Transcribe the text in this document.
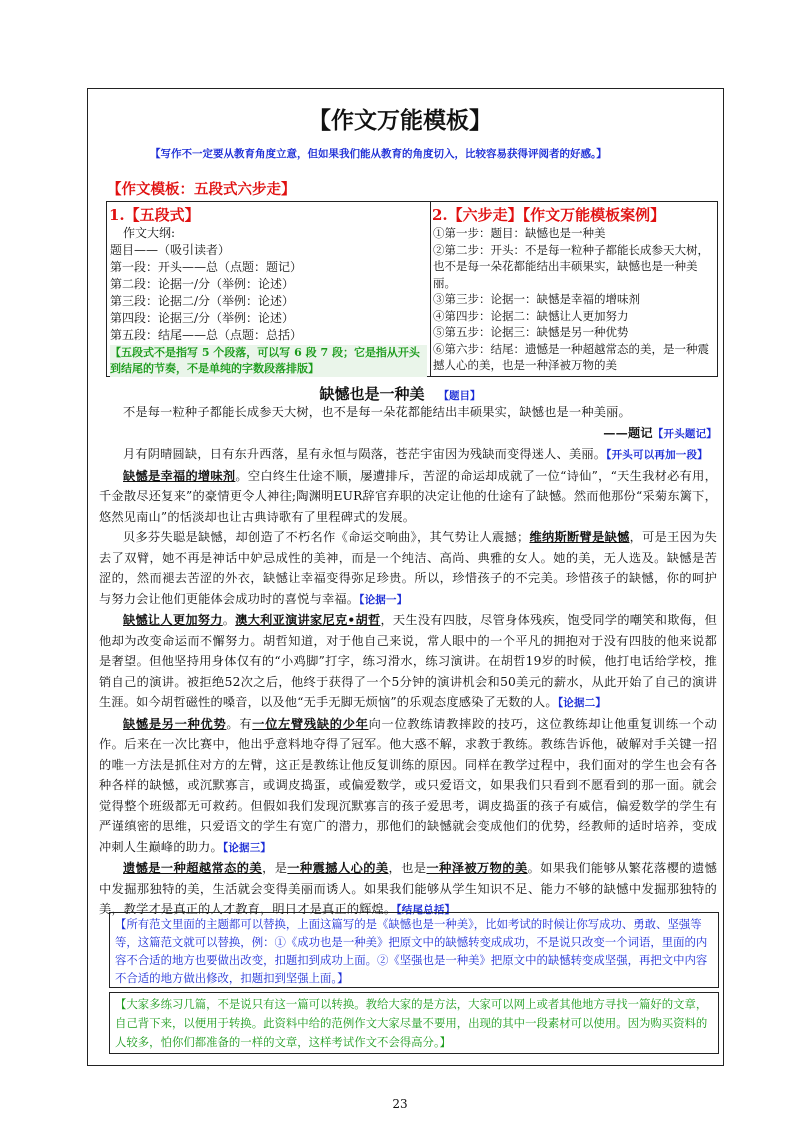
【作文万能模板】
【写作不一定要从教育角度立意，但如果我们能从教育的角度切入，比较容易获得评阅者的好感。】
【作文模板：五段式六步走】
1.【五段式】
作文大纲:
题目——（吸引读者）
第一段：开头——总（点题：题记）
第二段：论据一/分（举例：论述）
第三段：论据二/分（举例：论述）
第四段：论据三/分（举例：论述）
第五段：结尾——总（点题：总括）
【五段式不是指写 5 个段落，可以写 6 段 7 段；它是指从开头到结尾的节奏，不是单纯的字数段落排版】
2.【六步走】【作文万能模板案例】
①第一步：题目：缺憾也是一种美
②第二步：开头：不是每一粒种子都能长成参天大树，也不是每一朵花都能结出丰硕果实，缺憾也是一种美丽。
③第三步：论据一：缺憾是幸福的增味剂
④第四步：论据二：缺憾让人更加努力
⑤第五步：论据三：缺憾是另一种优势
⑥第六步：结尾：遗憾是一种超越常态的美，是一种震撼人心的美，也是一种泽被万物的美
缺憾也是一种美 【题目】

不是每一粒种子都能长成参天大树，也不是每一朵花都能结出丰硕果实，缺憾也是一种美丽。

——题记【开头题记】

月有阴晴圆缺，日有东升西落，星有永恒与陨落，苍茫宇宙因为残缺而变得迷人、美丽。【开头可以再加一段】

缺憾是幸福的增味剂。空白终生仕途不顺，屡遭排斥，苦涩的命运却成就了一位“诗仙”，“天生我材必有用，千金散尽还复来”的豪情更令人神往;陶渊明EUR辞官弃职的决定让他的仕途有了缺憾。然而他那份“采菊东篱下，悠然见南山”的恬淡却也让古典诗歌有了里程碑式的发展。

贝多芬失聪是缺憾，却创造了不朽名作《命运交响曲》，其气势让人震撼；维纳斯断臂是缺憾，可是王因为失去了双臂，她不再是神话中妒忌成性的美神，而是一个纯洁、高尚、典雅的女人。她的美，无人选及。缺憾是苦涩的，然而褪去苦涩的外衣，缺憾让幸福变得弥足珍贵。所以，珍惜孩子的不完美。珍惜孩子的缺憾，你的呵护与努力会让他们更能体会成功时的喜悦与幸福。【论据一】

缺憾让人更加努力。澳大利亚演讲家尼克•胡哲，天生没有四肢，尽管身体残疾，饱受同学的嘲笑和欺侮，但他却为改变命运而不懈努力。胡哲知道，对于他自己来说，常人眼中的一个平凡的拥抱对于没有四肢的他来说都是奢望。但他坚持用身体仅有的“小鸡脚”打字，练习滑水，练习演讲。在胡哲19岁的时候，他打电话给学校，推销自己的演讲。被拒绝52次之后，他终于获得了一个5分钟的演讲机会和50美元的薪水，从此开始了自己的演讲生涯。如今胡哲磁性的嗓音，以及他“无手无脚无烦恼”的乐观态度感染了无数的人。【论据二】

缺憾是另一种优势。有一位左臂残缺的少年向一位教练请教摔跤的技巧，这位教练却让他重复训练一个动作。后来在一次比赛中，他出乎意料地夺得了冠军。他大惑不解，求教于教练。教练告诉他，破解对手关键一招的唯一方法是抓住对方的左臂，这正是教练让他反复训练的原因。同样在教学过程中，我们面对的学生也会有各种各样的缺憾，或沉默寡言，或调皮捣蛋，或偏爱数学，或只爱语文，如果我们只看到不愿看到的那一面。就会觉得整个班级都无可救药。但假如我们发现沉默寡言的孩子爱思考，调皮捣蛋的孩子有威信，偏爱数学的学生有严谨缜密的思维，只爱语文的学生有宽广的潜力，那他们的缺憾就会变成他们的优势，经教师的适时培养，变成冲刺人生巅峰的助力。【论据三】

遗憾是一种超越常态的美，是一种震撼人心的美，也是一种泽被万物的美。如果我们能够从繁花落樱的遗憾中发掘那独特的美，生活就会变得美丽而诱人。如果我们能够从学生知识不足、能力不够的缺憾中发掘那独特的美，教学才是真正的人才教育，明日才是真正的辉煌。【结尾总括】

【所有范文里面的主题都可以替换，上面这篇写的是《缺憾也是一种美》，比如考试的时候让你写成功、勇敢、坚强等等，这篇范文就可以替换，例：①《成功也是一种美》把原文中的缺憾转变成成功，不是说只改变一个词语，里面的内容不合适的地方也要做出改变，扣题扣到成功上面。②《坚强也是一种美》把原文中的缺憾转变成坚强，再把文中内容不合适的地方做出修改，扣题扣到坚强上面。】
【大家多练习几篇，不是说只有这一篇可以转换。教给大家的是方法，大家可以网上或者其他地方寻找一篇好的文章，自己背下来，以便用于转换。此资料中给的范例作文大家尽量不要用，出现的其中一段素材可以使用。因为购买资料的人较多，怕你们都准备的一样的文章，这样考试作文不会得高分。】
23
